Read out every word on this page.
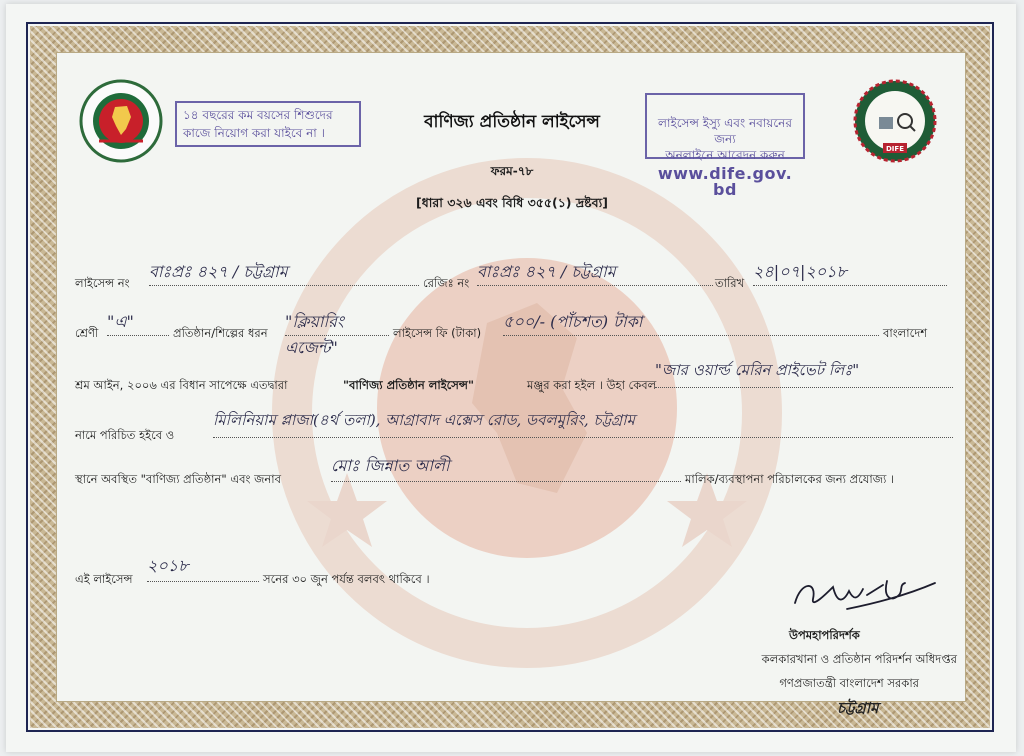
১৪ বছরের কম বয়সের শিশুদের
কাজে নিয়োগ করা যাইবে না ।
বাণিজ্য প্রতিষ্ঠান লাইসেন্স	লাইসেন্স ইস্যু এবং নবায়নের জন্য
অনলাইনে আবেদন করুন

www.dife.gov. bd

DIFE
ফরম-৭৮
[ধারা ৩২৬ এবং বিধি ৩৫৫(১) দ্রষ্টব্য]
লাইসেন্স নং
বাঃপ্রঃ ৪২৭ / চট্টগ্রাম
রেজিঃ নং
বাঃপ্রঃ ৪২৭ / চট্টগ্রাম
তারিখ
২৪|০৭|২০১৮
শ্রেণী
"এ"
প্রতিষ্ঠান/শিল্পের ধরন
"ক্লিয়ারিং
এজেন্ট"
লাইসেন্স ফি (টাকা)
৫০০/- (পাঁচশত) টাকা
বাংলাদেশ
শ্রম আইন, ২০০৬ এর বিধান সাপেক্ষে এতদ্বারা	"বাণিজ্য প্রতিষ্ঠান লাইসেন্স"	মঞ্জুর করা হইল । উহা কেবল
"জার ওয়ার্ল্ড মেরিন প্রাইভেট লিঃ"
নামে পরিচিত হইবে ও
মিলিনিয়াম প্লাজা(৪র্থ তলা), আগ্রাবাদ এক্সেস রোড, ডবলমুরিং, চট্টগ্রাম
স্থানে অবস্থিত "বাণিজ্য প্রতিষ্ঠান" এবং জনাব
মোঃ জিন্নাত আলী
মালিক/ব্যবস্থাপনা পরিচালকের জন্য প্রযোজ্য ।
এই লাইসেন্স
২০১৮
সনের ৩০ জুন পর্যন্ত বলবৎ থাকিবে ।
উপমহাপরিদর্শক
কলকারখানা ও প্রতিষ্ঠান পরিদর্শন অধিদপ্তর
গণপ্রজাতন্ত্রী বাংলাদেশ সরকার
চট্টগ্রাম
